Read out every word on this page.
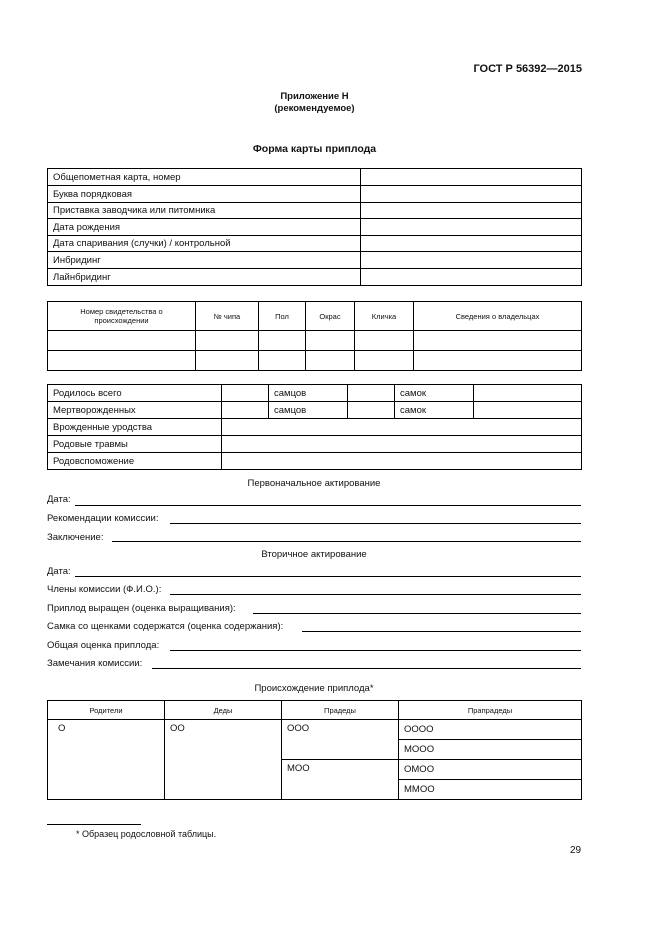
ГОСТ Р 56392—2015
Приложение Н
(рекомендуемое)
Форма карты приплода
Общепометная карта, номер	
Буква порядковая	
Приставка заводчика или питомника	
Дата рождения	
Дата спаривания (случки) / контрольной	
Инбридинг	
Лайнбридинг	
Номер свидетельства о происхождении	№ чипа	Пол	Окрас	Кличка	Сведения о владельцах

Родилось всего		самцов		самок	
Мертворожденных		самцов		самок	
Врожденные уродства					
Родовые травмы					
Родовспоможение					
Первоначальное актирование
Дата:
Рекомендации комиссии:
Заключение:
Вторичное актирование
Дата:
Члены комиссии (Ф.И.О.):
Приплод выращен (оценка выращивания):
Самка со щенками содержатся (оценка содержания):
Общая оценка приплода:
Замечания комиссии:
Происхождение приплода*
Родители	Деды	Прадеды	Прапрадеды
О	ОО	ООО	ОООО
			МООО
		МОО	ОМОО
			ММОО
* Образец родословной таблицы.
29
